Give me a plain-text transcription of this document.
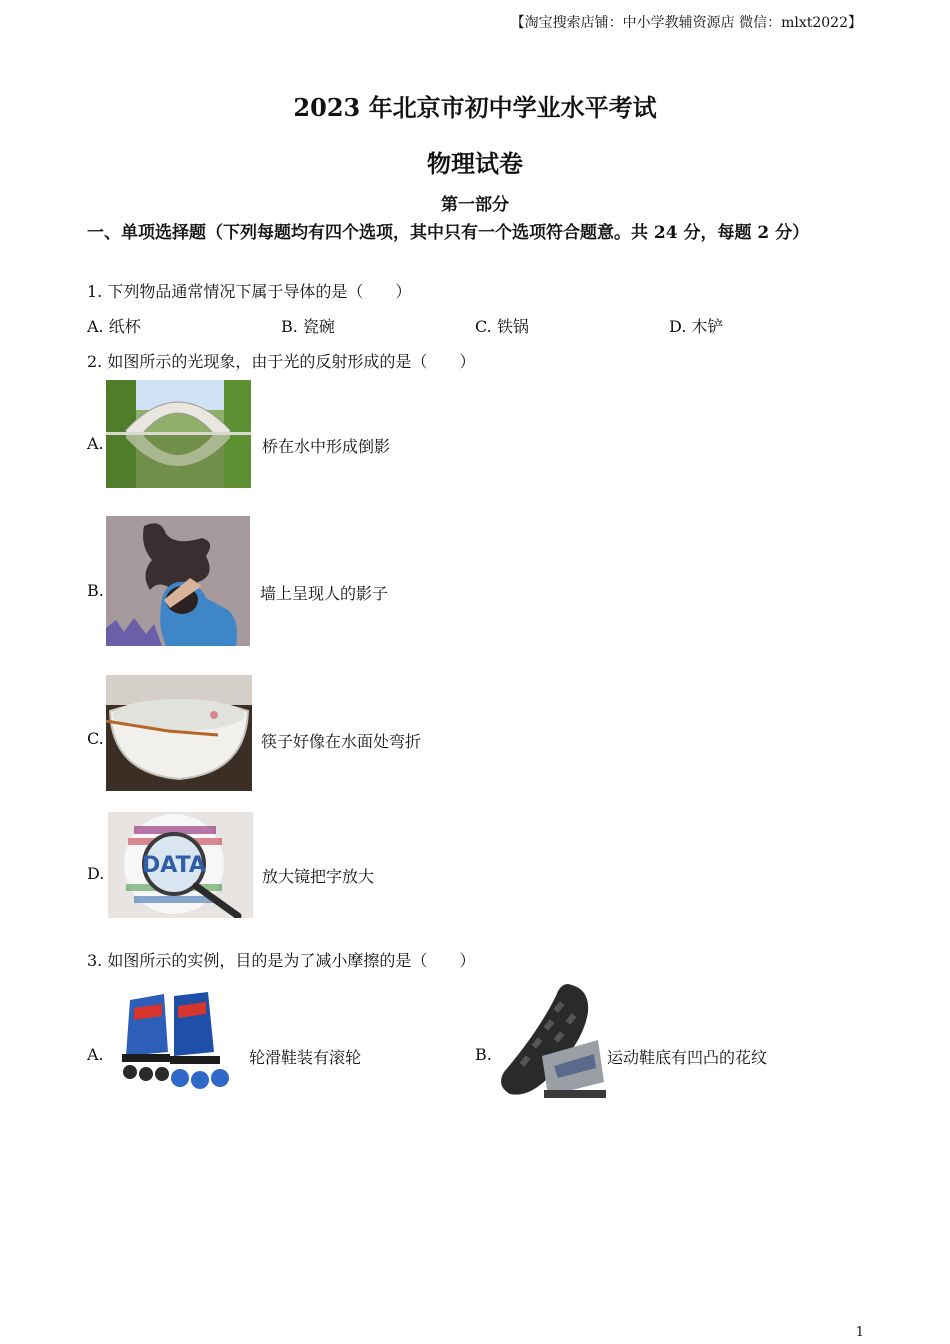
【淘宝搜索店铺：中小学教辅资源店 微信：mlxt2022】
2023 年北京市初中学业水平考试
物理试卷
第一部分
一、单项选择题（下列每题均有四个选项，其中只有一个选项符合题意。共 24 分，每题 2 分）
1. 下列物品通常情况下属于导体的是（　　）
A. 纸杯	B. 瓷碗	C. 铁锅	D. 木铲
2. 如图所示的光现象，由于光的反射形成的是（　　）
A.	桥在水中形成倒影
B.	墙上呈现人的影子
C.	筷子好像在水面处弯折
D. DATA	放大镜把字放大
3. 如图所示的实例，目的是为了减小摩擦的是（　　）
A.	轮滑鞋装有滚轮	B.	运动鞋底有凹凸的花纹
1
